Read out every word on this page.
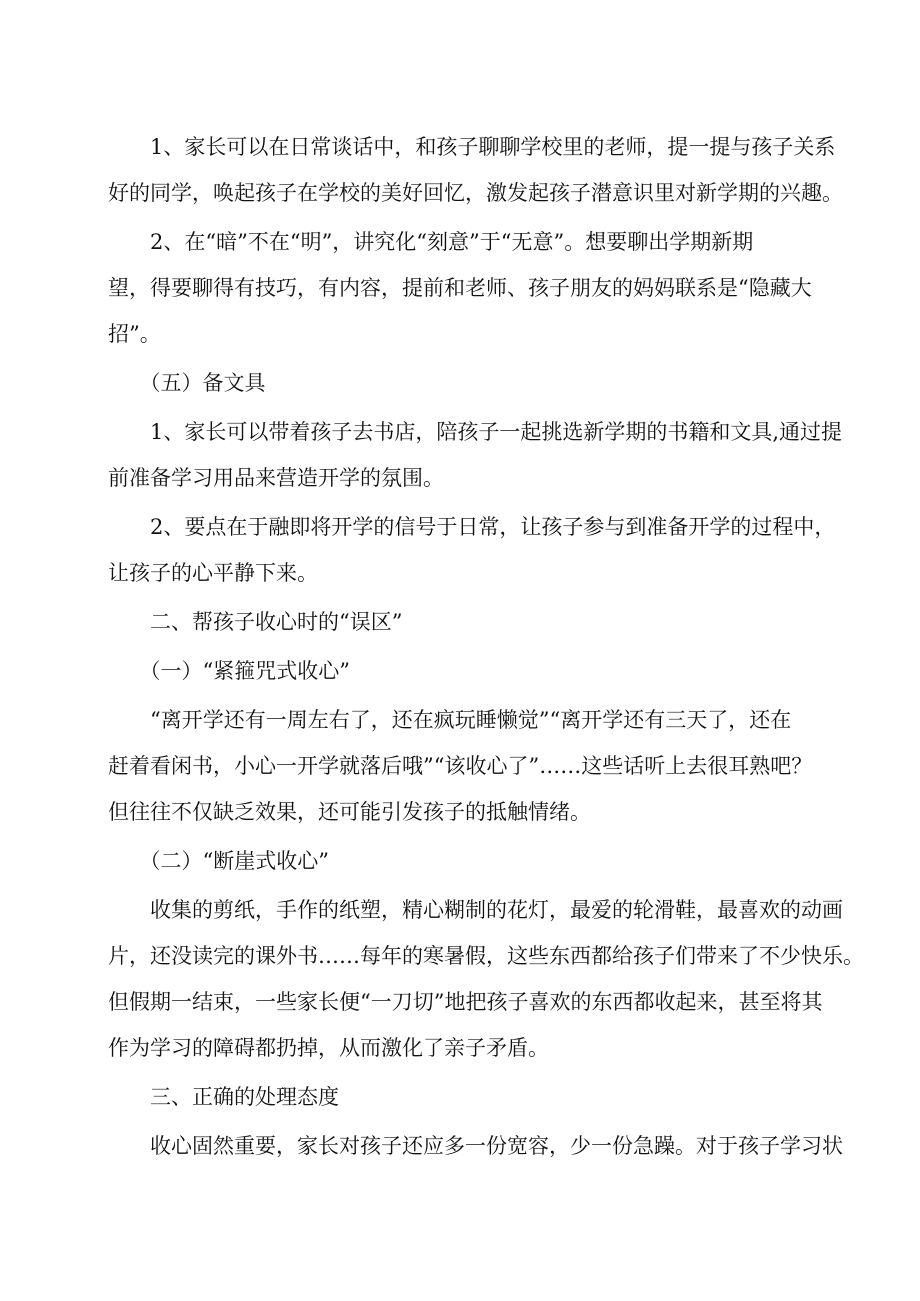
　　1、家长可以在日常谈话中，和孩子聊聊学校里的老师，提一提与孩子关系

好的同学，唤起孩子在学校的美好回忆，激发起孩子潜意识里对新学期的兴趣。

　　2、在“暗”不在“明”，讲究化“刻意”于“无意”。想要聊出学期新期

望，得要聊得有技巧，有内容，提前和老师、孩子朋友的妈妈联系是“隐藏大

招”。

　　（五）备文具

　　1、家长可以带着孩子去书店，陪孩子一起挑选新学期的书籍和文具,通过提

前准备学习用品来营造开学的氛围。

　　2、要点在于融即将开学的信号于日常，让孩子参与到准备开学的过程中，

让孩子的心平静下来。

　　二、帮孩子收心时的“误区”

　　（一）“紧箍咒式收心”

　　“离开学还有一周左右了，还在疯玩睡懒觉”“离开学还有三天了，还在

赶着看闲书，小心一开学就落后哦”“该收心了”……这些话听上去很耳熟吧？

但往往不仅缺乏效果，还可能引发孩子的抵触情绪。

　　（二）“断崖式收心”

　　收集的剪纸，手作的纸塑，精心糊制的花灯，最爱的轮滑鞋，最喜欢的动画

片，还没读完的课外书……每年的寒暑假，这些东西都给孩子们带来了不少快乐。

但假期一结束，一些家长便“一刀切”地把孩子喜欢的东西都收起来，甚至将其

作为学习的障碍都扔掉，从而激化了亲子矛盾。

　　三、正确的处理态度

　　收心固然重要，家长对孩子还应多一份宽容，少一份急躁。对于孩子学习状
